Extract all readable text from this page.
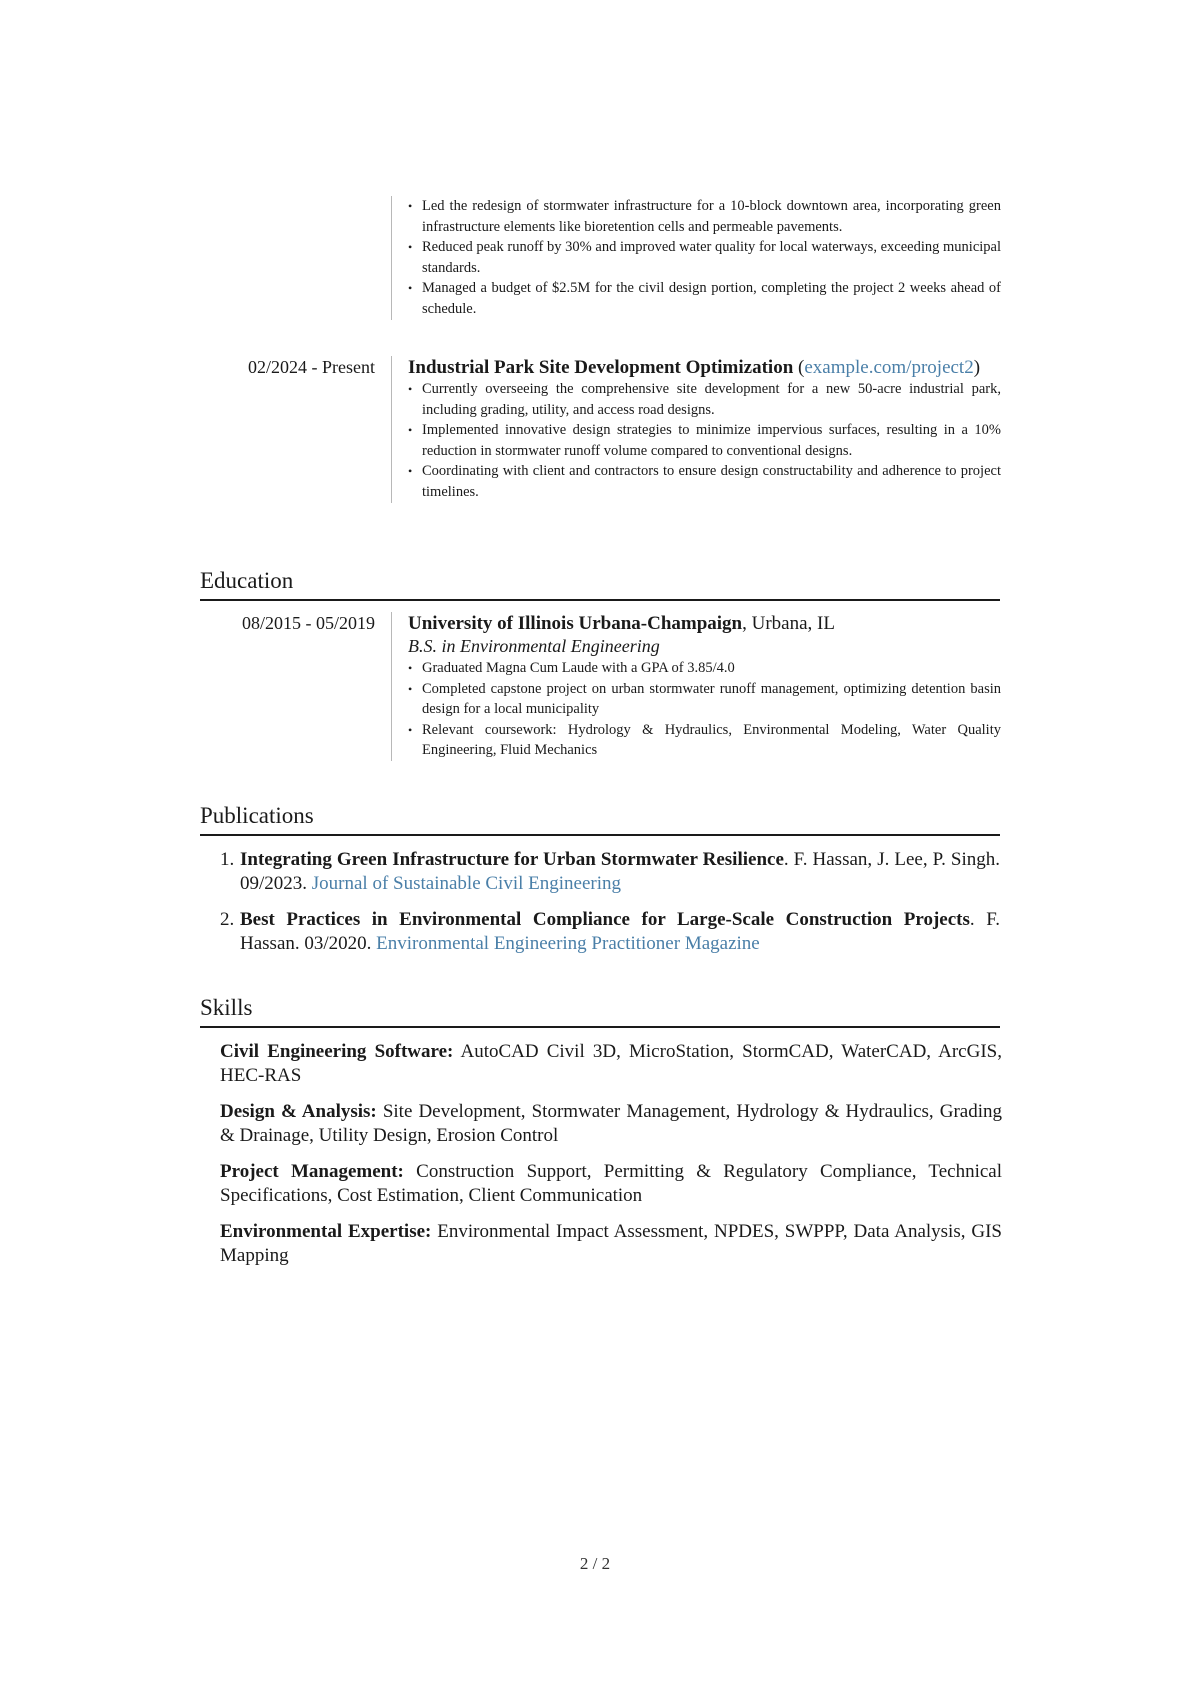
• Led the redesign of stormwater infrastructure for a 10-block downtown area, incorporating green infrastructure elements like bioretention cells and permeable pavements.
• Reduced peak runoff by 30% and improved water quality for local waterways, exceeding municipal standards.
• Managed a budget of $2.5M for the civil design portion, completing the project 2 weeks ahead of schedule.
02/2024 - Present Industrial Park Site Development Optimization (example.com/project2)
• Currently overseeing the comprehensive site development for a new 50-acre industrial park, including grading, utility, and access road designs.
• Implemented innovative design strategies to minimize impervious surfaces, resulting in a 10% reduction in stormwater runoff volume compared to conventional designs.
• Coordinating with client and contractors to ensure design constructability and adherence to project timelines.
Education
08/2015 - 05/2019 University of Illinois Urbana-Champaign, Urbana, IL
B.S. in Environmental Engineering
• Graduated Magna Cum Laude with a GPA of 3.85/4.0
• Completed capstone project on urban stormwater runoff management, optimizing detention basin design for a local municipality
• Relevant coursework: Hydrology & Hydraulics, Environmental Modeling, Water Quality Engineering, Fluid Mechanics
Publications
1. Integrating Green Infrastructure for Urban Stormwater Resilience. F. Hassan, J. Lee, P. Singh. 09/2023. Journal of Sustainable Civil Engineering
2. Best Practices in Environmental Compliance for Large-Scale Construction Projects. F. Hassan. 03/2020. Environmental Engineering Practitioner Magazine
Skills
Civil Engineering Software: AutoCAD Civil 3D, MicroStation, StormCAD, WaterCAD, ArcGIS, HEC-RAS
Design & Analysis: Site Development, Stormwater Management, Hydrology & Hydraulics, Grading & Drainage, Utility Design, Erosion Control
Project Management: Construction Support, Permitting & Regulatory Compliance, Technical Specifications, Cost Estimation, Client Communication
Environmental Expertise: Environmental Impact Assessment, NPDES, SWPPP, Data Analysis, GIS Mapping
2 / 2
